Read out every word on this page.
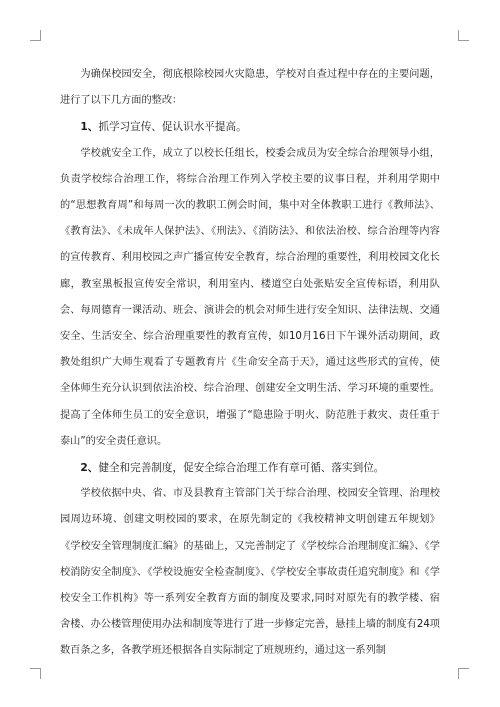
为确保校园安全，彻底根除校园火灾隐患，学校对自查过程中存在的主要问题，进行了以下几方面的整改：

1、抓学习宣传、促认识水平提高。

学校就安全工作，成立了以校长任组长，校委会成员为安全综合治理领导小组，负责学校综合治理工作，将综合治理工作列入学校主要的议事日程，并利用学期中的“思想教育周”和每周一次的教职工例会时间，集中对全体教职工进行《教师法》、《教育法》、《未成年人保护法》、《刑法》、《消防法》、和依法治校、综合治理等内容的宣传教育、利用校园之声广播宣传安全教育，综合治理的重要性，利用校园文化长廊，教室黑板报宣传安全常识，利用室内、楼道空白处张贴安全宣传标语，利用队会、每周德育一课活动、班会、演讲会的机会对师生进行安全知识、法律法规、交通安全、生活安全、综合治理重要性的教育宣传，如10月16日下午课外活动期间，政教处组织广大师生观看了专题教育片《生命安全高于天》，通过这些形式的宣传，使全体师生充分认识到依法治校、综合治理、创建安全文明生活、学习环境的重要性。提高了全体师生员工的安全意识，增强了“隐患险于明火、防范胜于救灾、责任重于泰山”的安全责任意识。

2、健全和完善制度，促安全综合治理工作有章可循、落实到位。

学校依据中央、省、市及县教育主管部门关于综合治理、校园安全管理、治理校园周边环境、创建文明校园的要求，在原先制定的《我校精神文明创建五年规划》《学校安全管理制度汇编》的基础上，又完善制定了《学校综合治理制度汇编》、《学校消防安全制度》、《学校设施安全检查制度》、《学校安全事故责任追究制度》和《学校安全工作机构》等一系列安全教育方面的制度及要求,同时对原先有的教学楼、宿舍楼、办公楼管理使用办法和制度等进行了进一步修定完善，悬挂上墙的制度有24项数百条之多，各教学班还根据各自实际制定了班规班约，通过这一系列制
